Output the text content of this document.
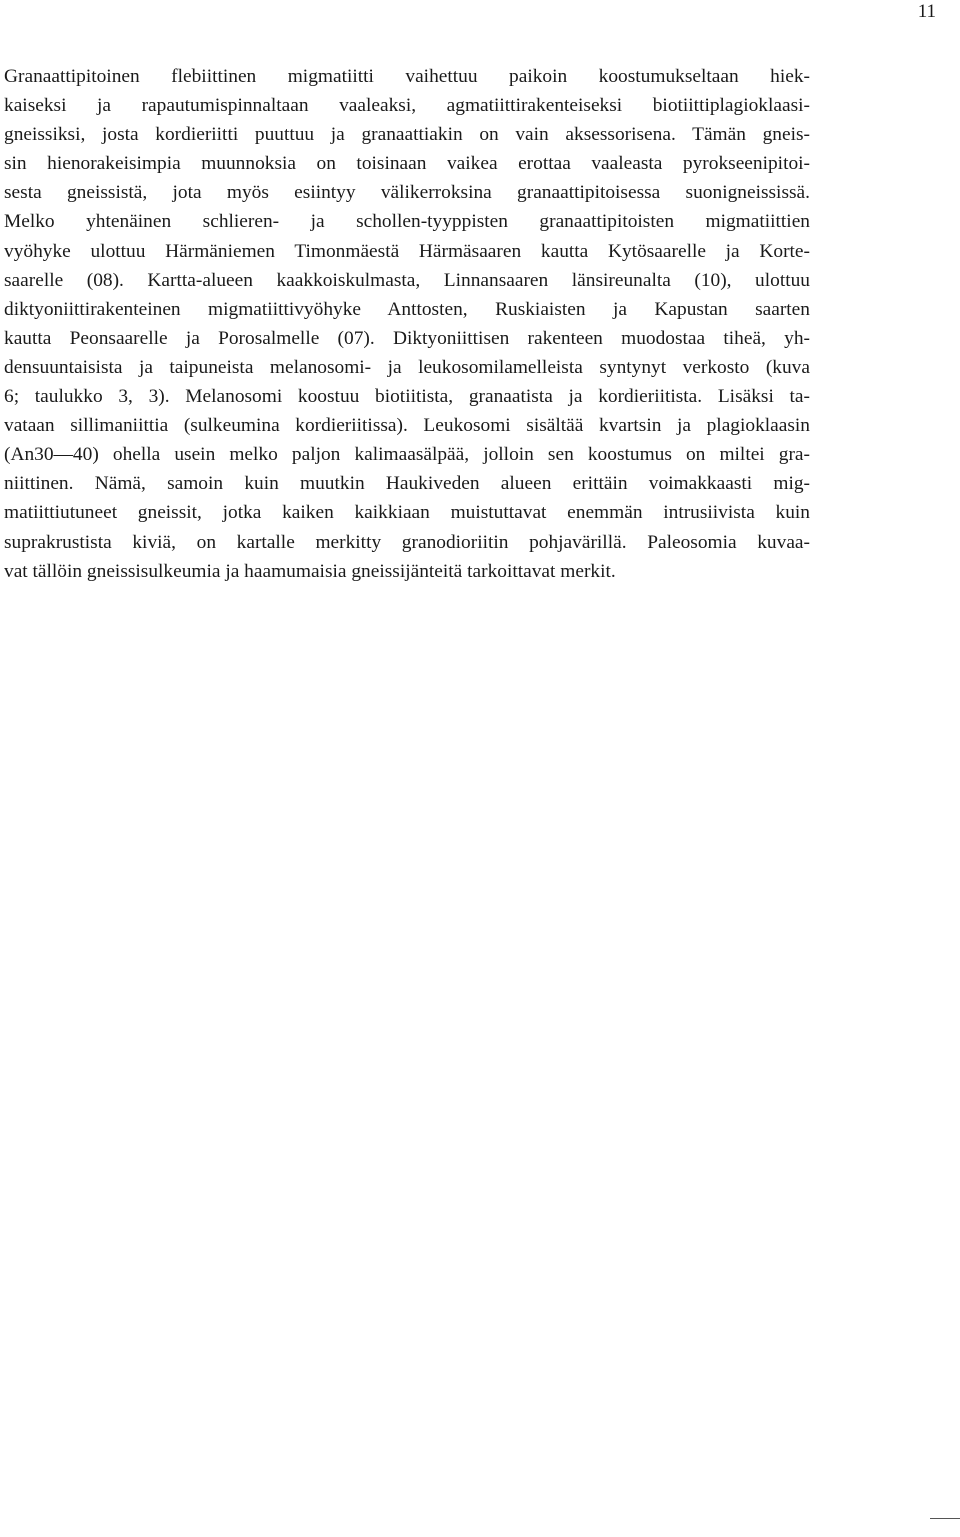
11
Granaattipitoinen flebiittinen migmatiitti vaihettuu paikoin koostumukseltaan hiek-
kaiseksi ja rapautumispinnaltaan vaaleaksi, agmatiittirakenteiseksi biotiittiplagioklaasi-
gneissiksi, josta kordieriitti puuttuu ja granaattiakin on vain aksessorisena. Tämän gneis-
sin hienorakeisimpia muunnoksia on toisinaan vaikea erottaa vaaleasta pyrokseenipitoi-
sesta gneissistä, jota myös esiintyy välikerroksina granaattipitoisessa suonigneississä.
Melko yhtenäinen schlieren- ja schollen-tyyppisten granaattipitoisten migmatiittien
vyöhyke ulottuu Härmäniemen Timonmäestä Härmäsaaren kautta Kytösaarelle ja Korte-
saarelle (08). Kartta-alueen kaakkoiskulmasta, Linnansaaren länsireunalta (10), ulottuu
diktyoniittirakenteinen migmatiittivyöhyke Anttosten, Ruskiaisten ja Kapustan saarten
kautta Peonsaarelle ja Porosalmelle (07). Diktyoniittisen rakenteen muodostaa tiheä, yh-
densuuntaisista ja taipuneista melanosomi- ja leukosomilamelleista syntynyt verkosto (kuva
6; taulukko 3, 3). Melanosomi koostuu biotiitista, granaatista ja kordieriitista. Lisäksi ta-
vataan sillimaniittia (sulkeumina kordieriitissa). Leukosomi sisältää kvartsin ja plagioklaasin
(An30—40) ohella usein melko paljon kalimaasälpää, jolloin sen koostumus on miltei gra-
niittinen. Nämä, samoin kuin muutkin Haukiveden alueen erittäin voimakkaasti mig-
matiittiutuneet gneissit, jotka kaiken kaikkiaan muistuttavat enemmän intrusiivista kuin
suprakrustista kiviä, on kartalle merkitty granodioriitin pohjavärillä. Paleosomia kuvaa-
vat tällöin gneissisulkeumia ja haamumaisia gneissijänteitä tarkoittavat merkit.
